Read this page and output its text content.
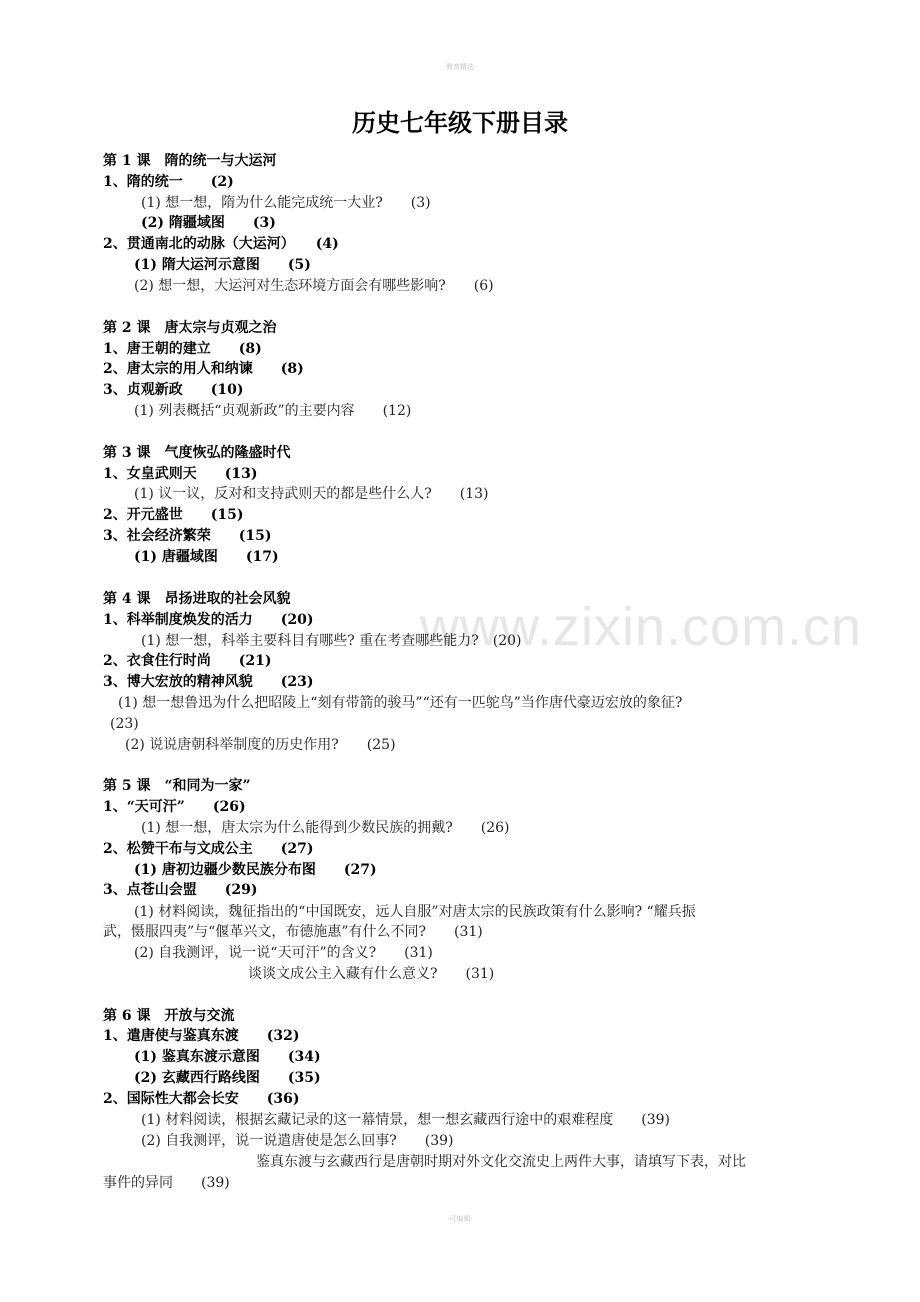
·教育精选·
www.zixin.com.cn
历史七年级下册目录
第 1 课　隋的统一与大运河
1、隋的统一　　(2)
(1) 想一想，隋为什么能完成统一大业?　　(3)
(2) 隋疆域图　　(3)
2、贯通南北的动脉（大运河）　　(4)
(1) 隋大运河示意图　　(5)
(2) 想一想，大运河对生态环境方面会有哪些影响?　　(6)
第 2 课　唐太宗与贞观之治
1、唐王朝的建立　　(8)
2、唐太宗的用人和纳谏　　(8)
3、贞观新政　　(10)
(1) 列表概括“贞观新政”的主要内容　　(12)
第 3 课　气度恢弘的隆盛时代
1、女皇武则天　　(13)
(1) 议一议，反对和支持武则天的都是些什么人?　　(13)
2、开元盛世　　(15)
3、社会经济繁荣　　(15)
(1) 唐疆域图　　(17)
第 4 课　昂扬进取的社会风貌
1、科举制度焕发的活力　　(20)
(1) 想一想，科举主要科目有哪些? 重在考查哪些能力?　(20)
2、衣食住行时尚　　(21)
3、博大宏放的精神风貌　　(23)
(1) 想一想鲁迅为什么把昭陵上“刻有带箭的骏马”“还有一匹鸵鸟”当作唐代豪迈宏放的象征?
(23)
(2) 说说唐朝科举制度的历史作用?　　(25)
第 5 课　“和同为一家”
1、“天可汗”　　(26)
(1) 想一想，唐太宗为什么能得到少数民族的拥戴?　　(26)
2、松赞干布与文成公主　　(27)
(1) 唐初边疆少数民族分布图　　(27)
3、点苍山会盟　　(29)
(1) 材料阅读，魏征指出的“中国既安，远人自服”对唐太宗的民族政策有什么影响? “耀兵振
武，慑服四夷”与“偃革兴文，布德施惠”有什么不同?　　(31)
(2) 自我测评，说一说“天可汗”的含义?　　(31)
谈谈文成公主入藏有什么意义?　　(31)
第 6 课　开放与交流
1、遣唐使与鉴真东渡　　(32)
(1) 鉴真东渡示意图　　(34)
(2) 玄藏西行路线图　　(35)
2、国际性大都会长安　　(36)
(1) 材料阅读，根据玄藏记录的这一幕情景，想一想玄藏西行途中的艰难程度　　(39)
(2) 自我测评，说一说遣唐使是怎么回事?　　(39)
鉴真东渡与玄藏西行是唐朝时期对外文化交流史上两件大事，请填写下表，对比
事件的异同　　(39)
·可编辑·
